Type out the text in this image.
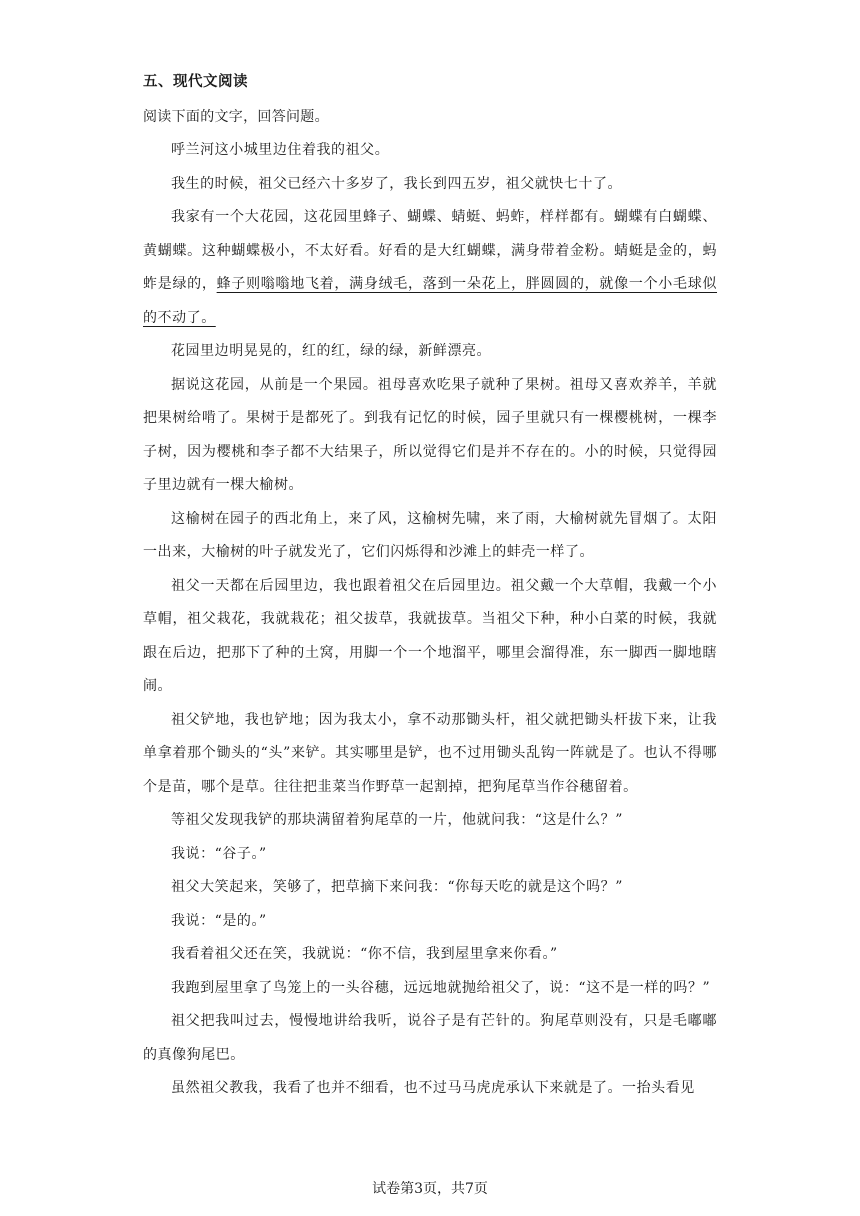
五、现代文阅读

阅读下面的文字，回答问题。

呼兰河这小城里边住着我的祖父。

我生的时候，祖父已经六十多岁了，我长到四五岁，祖父就快七十了。

我家有一个大花园，这花园里蜂子、蝴蝶、蜻蜓、蚂蚱，样样都有。蝴蝶有白蝴蝶、黄蝴蝶。这种蝴蝶极小，不太好看。好看的是大红蝴蝶，满身带着金粉。蜻蜓是金的，蚂蚱是绿的，蜂子则嗡嗡地飞着，满身绒毛，落到一朵花上，胖圆圆的，就像一个小毛球似的不动了。

花园里边明晃晃的，红的红，绿的绿，新鲜漂亮。

据说这花园，从前是一个果园。祖母喜欢吃果子就种了果树。祖母又喜欢养羊，羊就把果树给啃了。果树于是都死了。到我有记忆的时候，园子里就只有一棵樱桃树，一棵李子树，因为樱桃和李子都不大结果子，所以觉得它们是并不存在的。小的时候，只觉得园子里边就有一棵大榆树。

这榆树在园子的西北角上，来了风，这榆树先啸，来了雨，大榆树就先冒烟了。太阳一出来，大榆树的叶子就发光了，它们闪烁得和沙滩上的蚌壳一样了。

祖父一天都在后园里边，我也跟着祖父在后园里边。祖父戴一个大草帽，我戴一个小草帽，祖父栽花，我就栽花；祖父拔草，我就拔草。当祖父下种，种小白菜的时候，我就跟在后边，把那下了种的土窝，用脚一个一个地溜平，哪里会溜得准，东一脚西一脚地瞎闹。

祖父铲地，我也铲地；因为我太小，拿不动那锄头杆，祖父就把锄头杆拔下来，让我单拿着那个锄头的“头”来铲。其实哪里是铲，也不过用锄头乱钩一阵就是了。也认不得哪个是苗，哪个是草。往往把韭菜当作野草一起割掉，把狗尾草当作谷穗留着。

等祖父发现我铲的那块满留着狗尾草的一片，他就问我：“这是什么？”

我说：“谷子。”

祖父大笑起来，笑够了，把草摘下来问我：“你每天吃的就是这个吗？”

我说：“是的。”

我看着祖父还在笑，我就说：“你不信，我到屋里拿来你看。”

我跑到屋里拿了鸟笼上的一头谷穗，远远地就抛给祖父了，说：“这不是一样的吗？”

祖父把我叫过去，慢慢地讲给我听，说谷子是有芒针的。狗尾草则没有，只是毛嘟嘟的真像狗尾巴。

虽然祖父教我，我看了也并不细看，也不过马马虎虎承认下来就是了。一抬头看见

试卷第3页，共7页
